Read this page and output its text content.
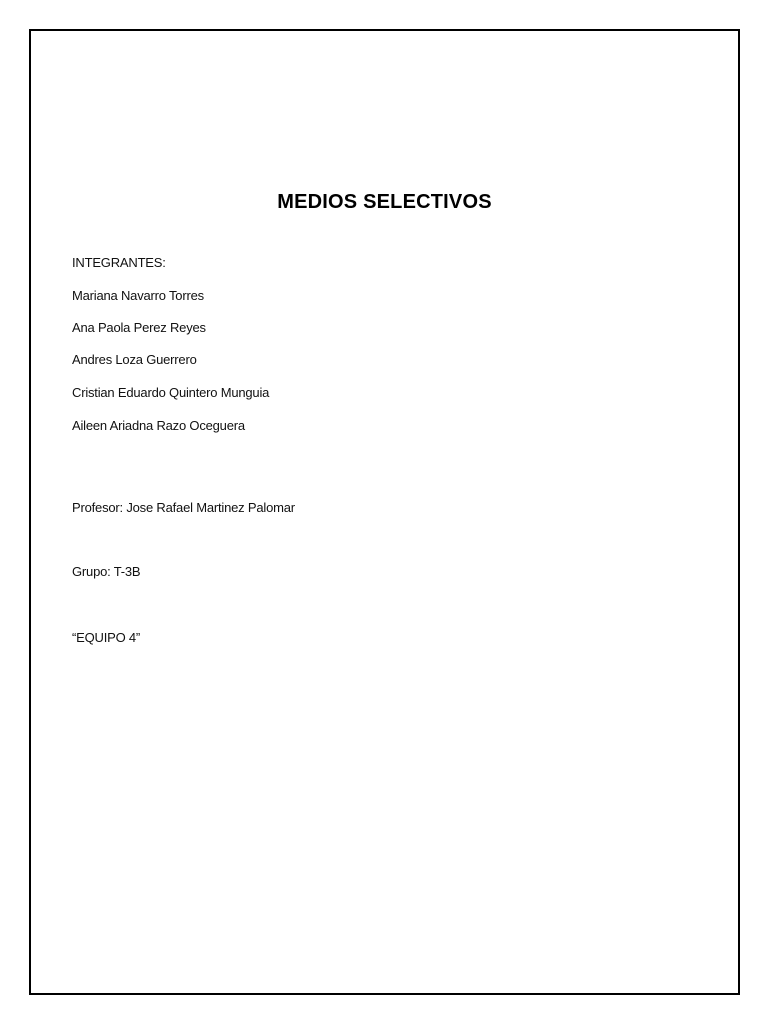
MEDIOS SELECTIVOS
INTEGRANTES:
Mariana Navarro Torres
Ana Paola Perez Reyes
Andres Loza Guerrero
Cristian Eduardo Quintero Munguia
Aileen Ariadna Razo Oceguera
Profesor: Jose Rafael Martinez Palomar
Grupo: T-3B
“EQUIPO 4”
